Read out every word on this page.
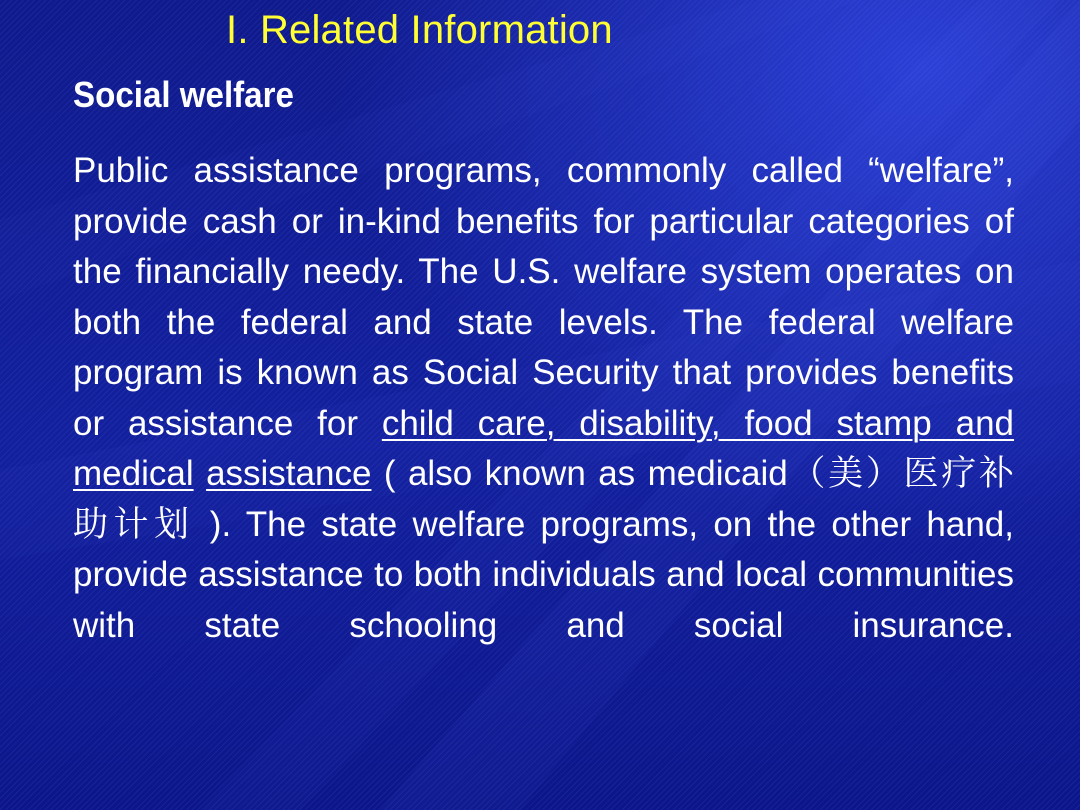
I. Related Information
Social welfare

Public assistance programs, commonly called “welfare”, provide cash or in-kind benefits for particular categories of the financially needy. The U.S. welfare system operates on both the federal and state levels. The federal welfare program is known as Social Security that provides benefits or assistance for child care, disability, food stamp and medical assistance ( also known as medicaid（美）医疗补助计划 ). The state welfare programs, on the other hand, provide assistance to both individuals and local communities with state schooling and social insurance.
